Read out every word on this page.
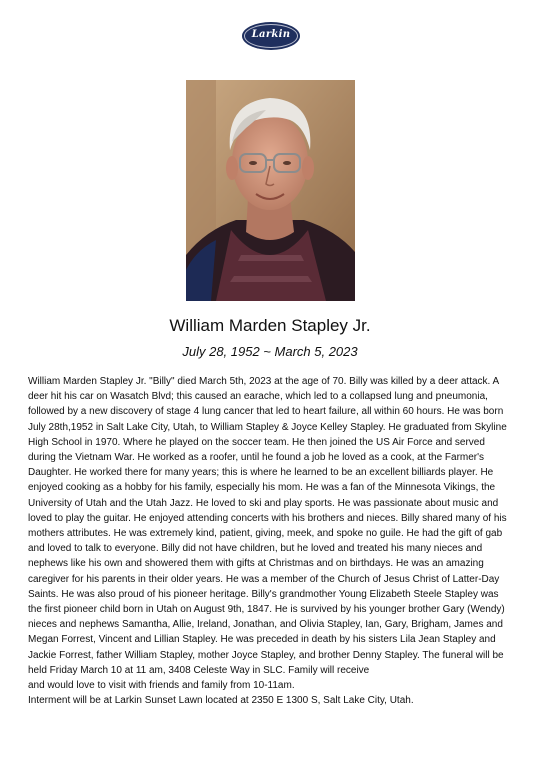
Larkin
William Marden Stapley Jr.
July 28, 1952 ~ March 5, 2023

William Marden Stapley Jr. "Billy" died March 5th, 2023 at the age of 70. Billy was killed by a deer attack. A deer hit his car on Wasatch Blvd; this caused an earache, which led to a collapsed lung and pneumonia, followed by a new discovery of stage 4 lung cancer that led to heart failure, all within 60 hours. He was born July 28th,1952 in Salt Lake City, Utah, to William Stapley & Joyce Kelley Stapley. He graduated from Skyline High School in 1970. Where he played on the soccer team. He then joined the US Air Force and served during the Vietnam War. He worked as a roofer, until he found a job he loved as a cook, at the Farmer's Daughter. He worked there for many years; this is where he learned to be an excellent billiards player. He enjoyed cooking as a hobby for his family, especially his mom. He was a fan of the Minnesota Vikings, the University of Utah and the Utah Jazz. He loved to ski and play sports. He was passionate about music and loved to play the guitar. He enjoyed attending concerts with his brothers and nieces. Billy shared many of his mothers attributes. He was extremely kind, patient, giving, meek, and spoke no guile. He had the gift of gab and loved to talk to everyone. Billy did not have children, but he loved and treated his many nieces and nephews like his own and showered them with gifts at Christmas and on birthdays. He was an amazing caregiver for his parents in their older years. He was a member of the Church of Jesus Christ of Latter-Day Saints. He was also proud of his pioneer heritage. Billy's grandmother Young Elizabeth Steele Stapley was the first pioneer child born in Utah on August 9th, 1847. He is survived by his younger brother Gary (Wendy) nieces and nephews Samantha, Allie, Ireland, Jonathan, and Olivia Stapley, Ian, Gary, Brigham, James and Megan Forrest, Vincent and Lillian Stapley. He was preceded in death by his sisters Lila Jean Stapley and Jackie Forrest, father William Stapley, mother Joyce Stapley, and brother Denny Stapley. The funeral will be held Friday March 10 at 11 am, 3408 Celeste Way in SLC. Family will receive

and would love to visit with friends and family from 10-11am.

Interment will be at Larkin Sunset Lawn located at 2350 E 1300 S, Salt Lake City, Utah.
